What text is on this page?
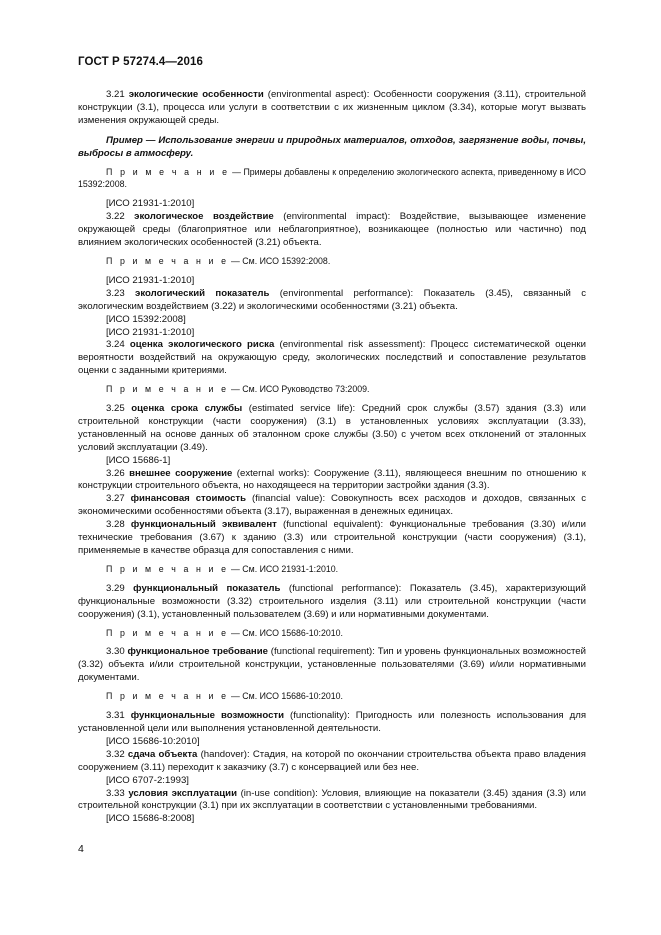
ГОСТ Р 57274.4—2016

3.21 экологические особенности (environmental aspect): Особенности сооружения (3.11), строительной конструкции (3.1), процесса или услуги в соответствии с их жизненным циклом (3.34), которые могут вызвать изменения окружающей среды.

Пример — Использование энергии и природных материалов, отходов, загрязнение воды, почвы, выбросы в атмосферу.

П р и м е ч а н и е — Примеры добавлены к определению экологического аспекта, приведенному в ИСО 15392:2008.

[ИСО 21931-1:2010]

3.22 экологическое воздействие (environmental impact): Воздействие, вызывающее изменение окружающей среды (благоприятное или неблагоприятное), возникающее (полностью или частично) под влиянием экологических особенностей (3.21) объекта.

П р и м е ч а н и е — См. ИСО 15392:2008.

[ИСО 21931-1:2010]

3.23 экологический показатель (environmental performance): Показатель (3.45), связанный с экологическим воздействием (3.22) и экологическими особенностями (3.21) объекта.

[ИСО 15392:2008]

[ИСО 21931-1:2010]

3.24 оценка экологического риска (environmental risk assessment): Процесс систематической оценки вероятности воздействий на окружающую среду, экологических последствий и сопоставление результатов оценки с заданными критериями.

П р и м е ч а н и е — См. ИСО Руководство 73:2009.

3.25 оценка срока службы (estimated service life): Средний срок службы (3.57) здания (3.3) или строительной конструкции (части сооружения) (3.1) в установленных условиях эксплуатации (3.33), установленный на основе данных об эталонном сроке службы (3.50) с учетом всех отклонений от эталонных условий эксплуатации (3.49).

[ИСО 15686-1]

3.26 внешнее сооружение (external works): Сооружение (3.11), являющееся внешним по отношению к конструкции строительного объекта, но находящееся на территории застройки здания (3.3).

3.27 финансовая стоимость (financial value): Совокупность всех расходов и доходов, связанных с экономическими особенностями объекта (3.17), выраженная в денежных единицах.

3.28 функциональный эквивалент (functional equivalent): Функциональные требования (3.30) и/или технические требования (3.67) к зданию (3.3) или строительной конструкции (части сооружения) (3.1), применяемые в качестве образца для сопоставления с ними.

П р и м е ч а н и е — См. ИСО 21931-1:2010.

3.29 функциональный показатель (functional performance): Показатель (3.45), характеризующий функциональные возможности (3.32) строительного изделия (3.11) или строительной конструкции (части сооружения) (3.1), установленный пользователем (3.69) и или нормативными документами.

П р и м е ч а н и е — См. ИСО 15686-10:2010.

3.30 функциональное требование (functional requirement): Тип и уровень функциональных возможностей (3.32) объекта и/или строительной конструкции, установленные пользователями (3.69) и/или нормативными документами.

П р и м е ч а н и е — См. ИСО 15686-10:2010.

3.31 функциональные возможности (functionality): Пригодность или полезность использования для установленной цели или выполнения установленной деятельности.

[ИСО 15686-10:2010]

3.32 сдача объекта (handover): Стадия, на которой по окончании строительства объекта право владения сооружением (3.11) переходит к заказчику (3.7) с консервацией или без нее.

[ИСО 6707-2:1993]

3.33 условия эксплуатации (in-use condition): Условия, влияющие на показатели (3.45) здания (3.3) или строительной конструкции (3.1) при их эксплуатации в соответствии с установленными требованиями.

[ИСО 15686-8:2008]

4
